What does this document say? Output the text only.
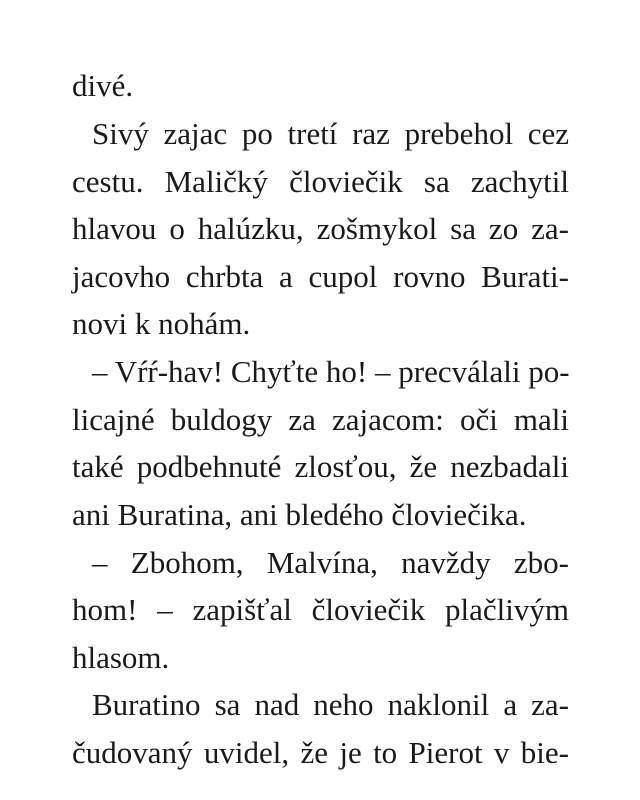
divé.
Sivý zajac po tretí raz prebehol cez
cestu. Maličký človiečik sa zachytil
hlavou o halúzku, zošmykol sa zo za-
jacovho chrbta a cupol rovno Burati-
novi k nohám.
– Vŕŕ-hav! Chyťte ho! – precválali po-
licajné buldogy za zajacom: oči mali
také podbehnuté zlosťou, že nezbadali
ani Buratina, ani bledého človiečika.
– Zbohom, Malvína, navždy zbo-
hom! – zapišťal človiečik plačlivým
hlasom.
Buratino sa nad neho naklonil a za-
čudovaný uvidel, že je to Pierot v bie-
